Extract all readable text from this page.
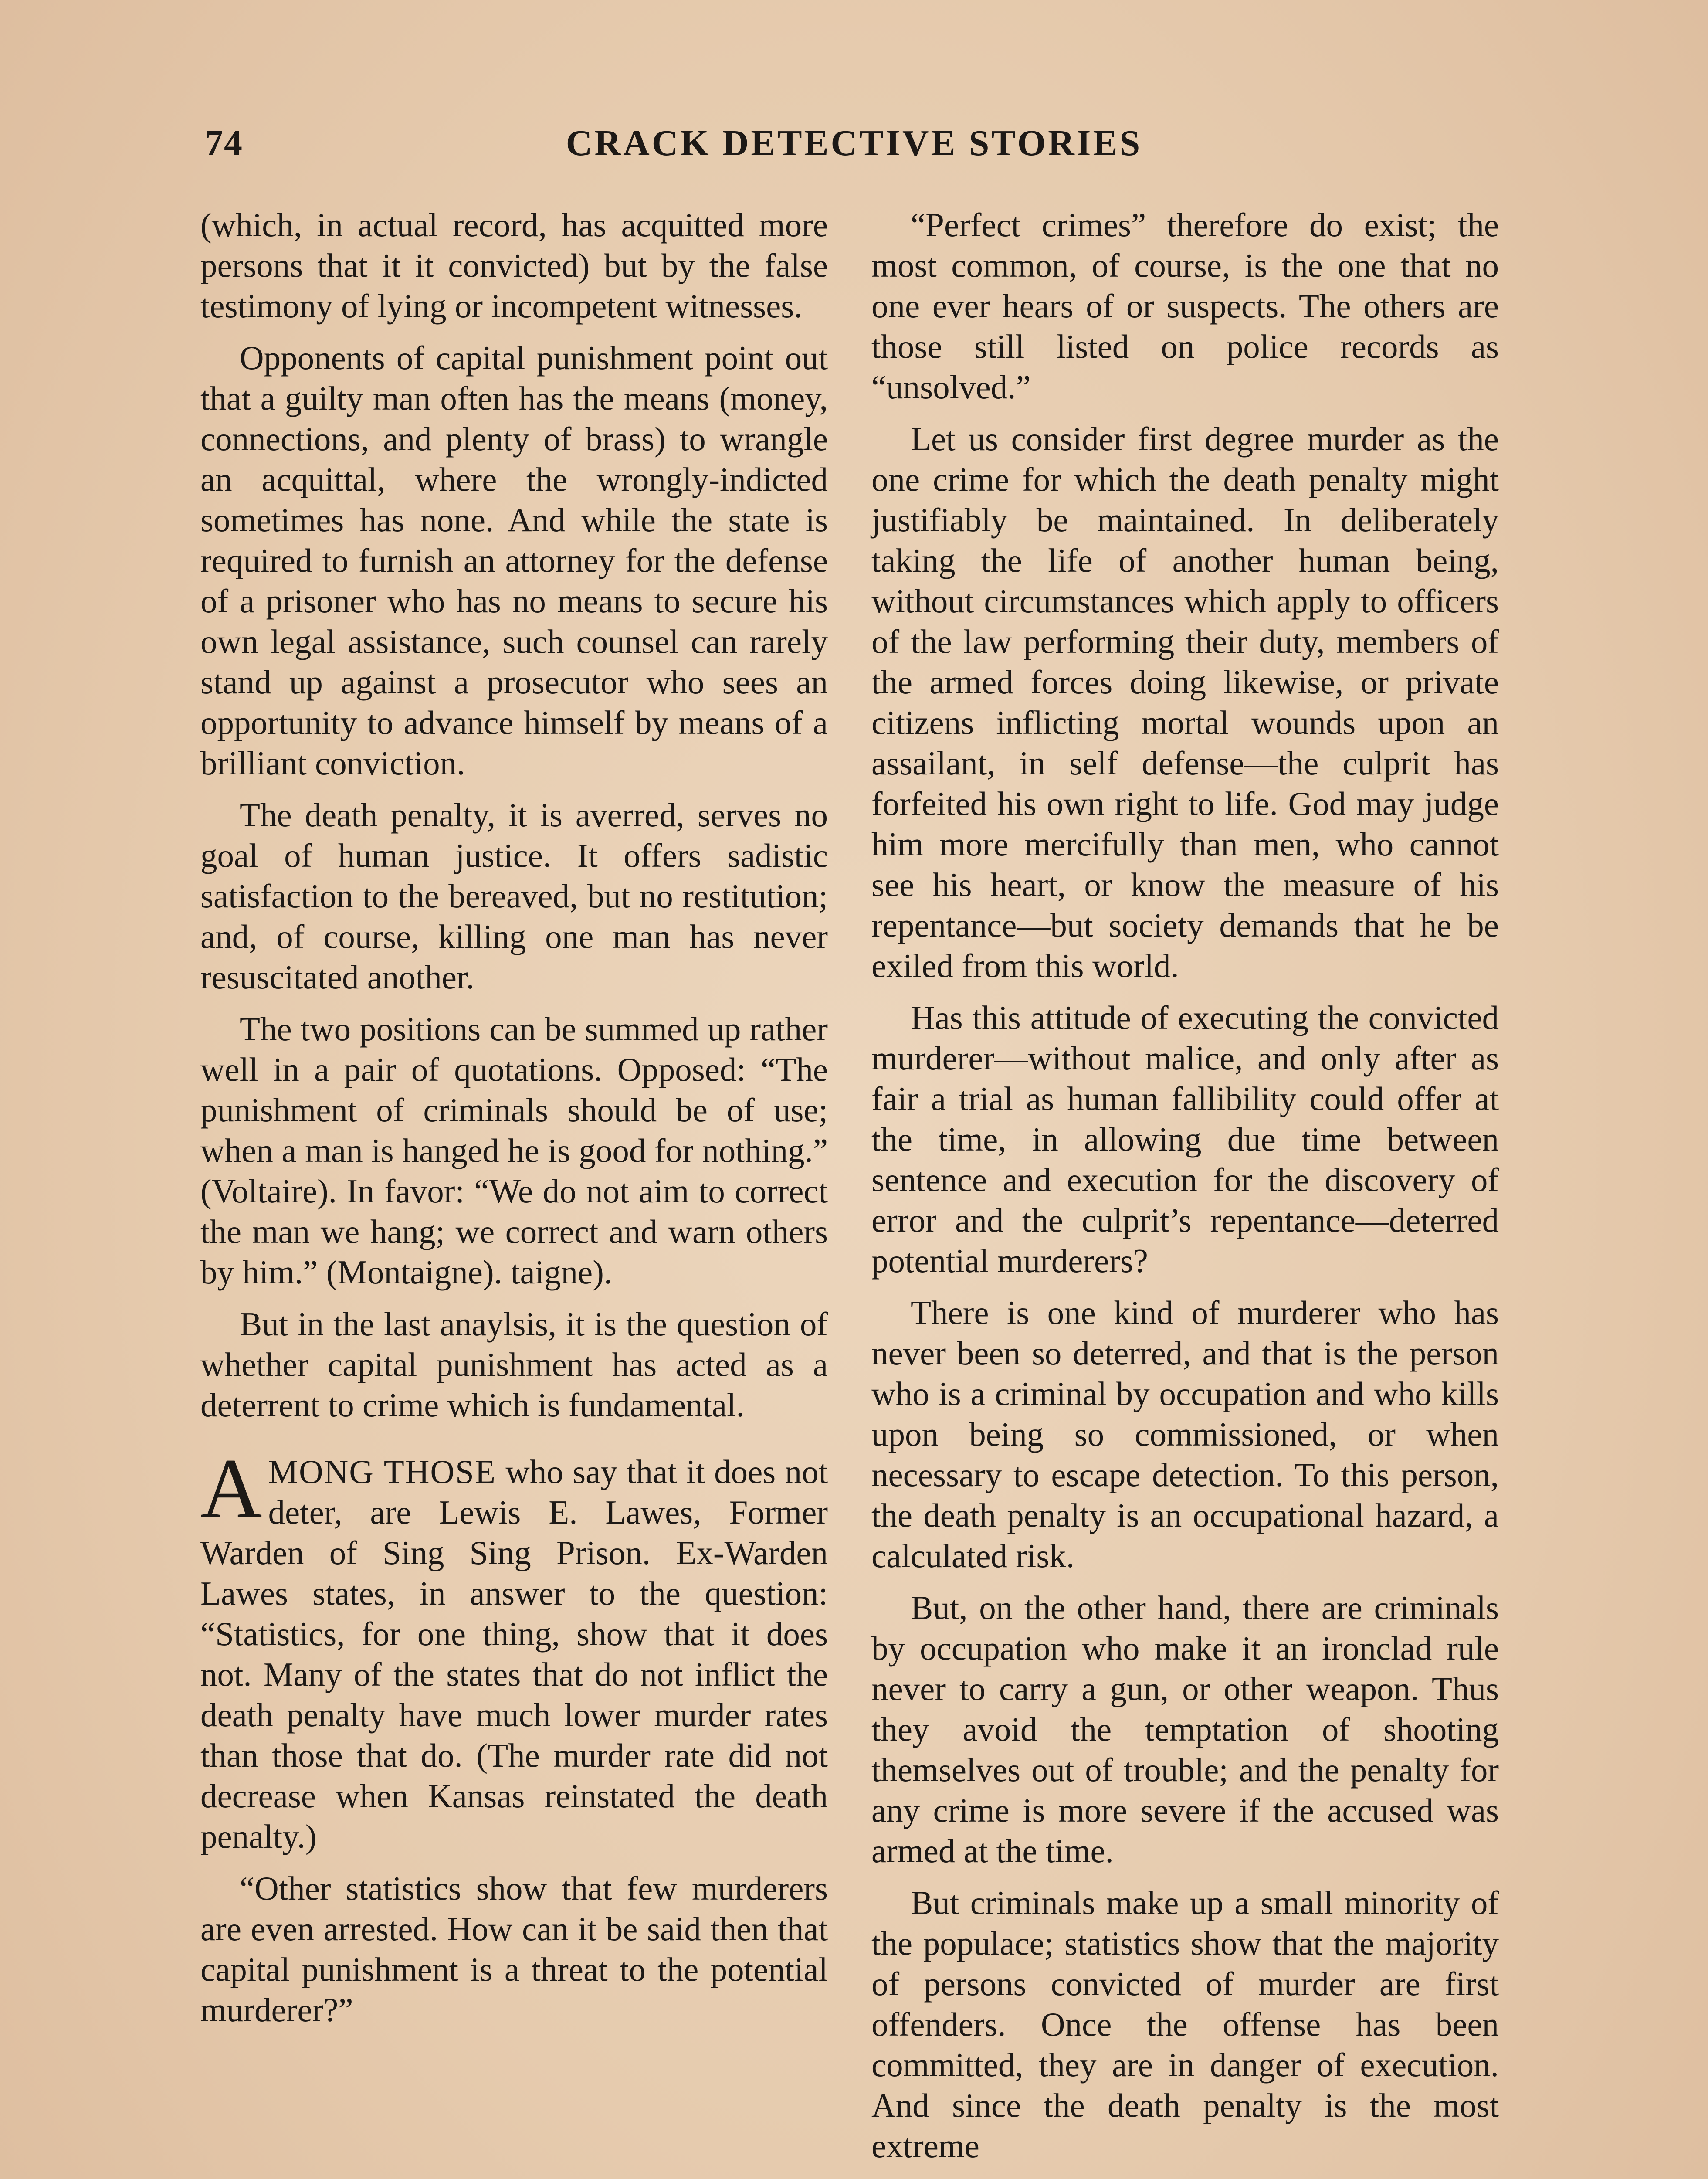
74	CRACK DETECTIVE STORIES

(which, in actual record, has acquitted more persons that it it convicted) but by the false testimony of lying or incompetent witnesses.

Opponents of capital punishment point out that a guilty man often has the means (money, connections, and plenty of brass) to wrangle an acquittal, where the wrongly-indicted sometimes has none. And while the state is required to furnish an attorney for the defense of a prisoner who has no means to secure his own legal assistance, such counsel can rarely stand up against a prosecutor who sees an opportunity to advance himself by means of a brilliant conviction.

The death penalty, it is averred, serves no goal of human justice. It offers sadistic satisfaction to the bereaved, but no restitution; and, of course, killing one man has never resuscitated another.

The two positions can be summed up rather well in a pair of quotations. Opposed: “The punishment of criminals should be of use; when a man is hanged he is good for nothing.” (Voltaire). In favor: “We do not aim to correct the man we hang; we correct and warn others by him.” (Montaigne). taigne).

But in the last anaylsis, it is the question of whether capital punishment has acted as a deterrent to crime which is fundamental.

A MONG THOSE who say that it does not deter, are Lewis E. Lawes, Former Warden of Sing Sing Prison. Ex-Warden Lawes states, in answer to the question: “Statistics, for one thing, show that it does not. Many of the states that do not inflict the death penalty have much lower murder rates than those that do. (The murder rate did not decrease when Kansas reinstated the death penalty.)

“Other statistics show that few murderers are even arrested. How can it be said then that capital punishment is a threat to the potential murderer?”

“Perfect crimes” therefore do exist; the most common, of course, is the one that no one ever hears of or suspects. The others are those still listed on police records as “unsolved.”

Let us consider first degree murder as the one crime for which the death penalty might justifiably be maintained. In deliberately taking the life of another human being, without circumstances which apply to officers of the law performing their duty, members of the armed forces doing likewise, or private citizens inflicting mortal wounds upon an assailant, in self defense—the culprit has forfeited his own right to life. God may judge him more mercifully than men, who cannot see his heart, or know the measure of his repentance—but society demands that he be exiled from this world.

Has this attitude of executing the convicted murderer—without malice, and only after as fair a trial as human fallibility could offer at the time, in allowing due time between sentence and execution for the discovery of error and the culprit’s repentance—deterred potential murderers?

There is one kind of murderer who has never been so deterred, and that is the person who is a criminal by occupation and who kills upon being so commissioned, or when necessary to escape detection. To this person, the death penalty is an occupational hazard, a calculated risk.

But, on the other hand, there are criminals by occupation who make it an ironclad rule never to carry a gun, or other weapon. Thus they avoid the temptation of shooting themselves out of trouble; and the penalty for any crime is more severe if the accused was armed at the time.

But criminals make up a small minority of the populace; statistics show that the majority of persons convicted of murder are first offenders. Once the offense has been committed, they are in danger of execution. And since the death penalty is the most extreme
